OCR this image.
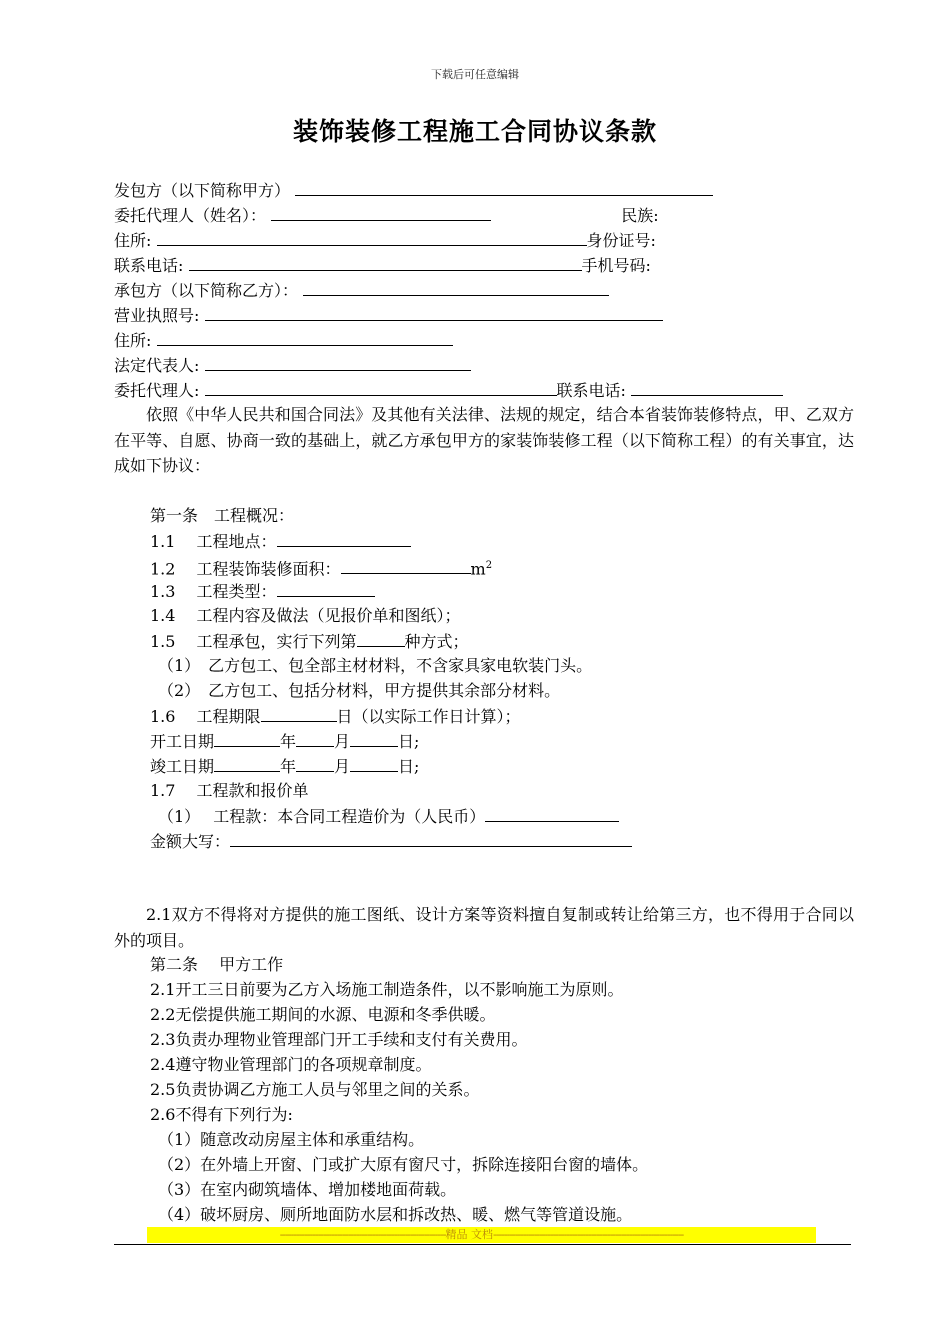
下载后可任意编辑
装饰装修工程施工合同协议条款
发包方（以下简称甲方）
委托代理人（姓名）：	民族:
住所:	身份证号:
联系电话:	手机号码:
承包方（以下简称乙方）：
营业执照号:
住所:
法定代表人:
委托代理人:	联系电话:
依照《中华人民共和国合同法》及其他有关法律、法规的规定，结合本省装饰装修特点，甲、乙双方在平等、自愿、协商一致的基础上，就乙方承包甲方的家装饰装修工程（以下简称工程）的有关事宜，达成如下协议：
第一条　工程概况：
1.1　 工程地点：
1.2　 工程装饰装修面积：	$m^2$
1.3　 工程类型：
1.4　 工程内容及做法（见报价单和图纸）；
1.5　 工程承包，实行下列第	种方式；
（1）　乙方包工、包全部主材材料，不含家具家电软装门头。
（2）　乙方包工、包括分材料，甲方提供其余部分材料。
1.6　 工程期限	日（以实际工作日计算）；
开工日期	年 月	日;
竣工日期	年 月	日;
1.7　 工程款和报价单
（1）　 工程款：本合同工程造价为（人民币）
金额大写：
2.1双方不得将对方提供的施工图纸、设计方案等资料擅自复制或转让给第三方，也不得用于合同以外的项目。
第二条　 甲方工作
2.1开工三日前要为乙方入场施工制造条件，以不影响施工为原则。
2.2无偿提供施工期间的水源、电源和冬季供暖。
2.3负责办理物业管理部门开工手续和支付有关费用。
2.4遵守物业管理部门的各项规章制度。
2.5负责协调乙方施工人员与邻里之间的关系。
2.6不得有下列行为:
（1）随意改动房屋主体和承重结构。
（2）在外墙上开窗、门或扩大原有窗尺寸，拆除连接阳台窗的墙体。
（3）在室内砌筑墙体、增加楼地面荷载。
（4）破坏厨房、厕所地面防水层和拆改热、暖、燃气等管道设施。
-------------------------------------------------------------精品 文档----------------------------------------------------------------------
